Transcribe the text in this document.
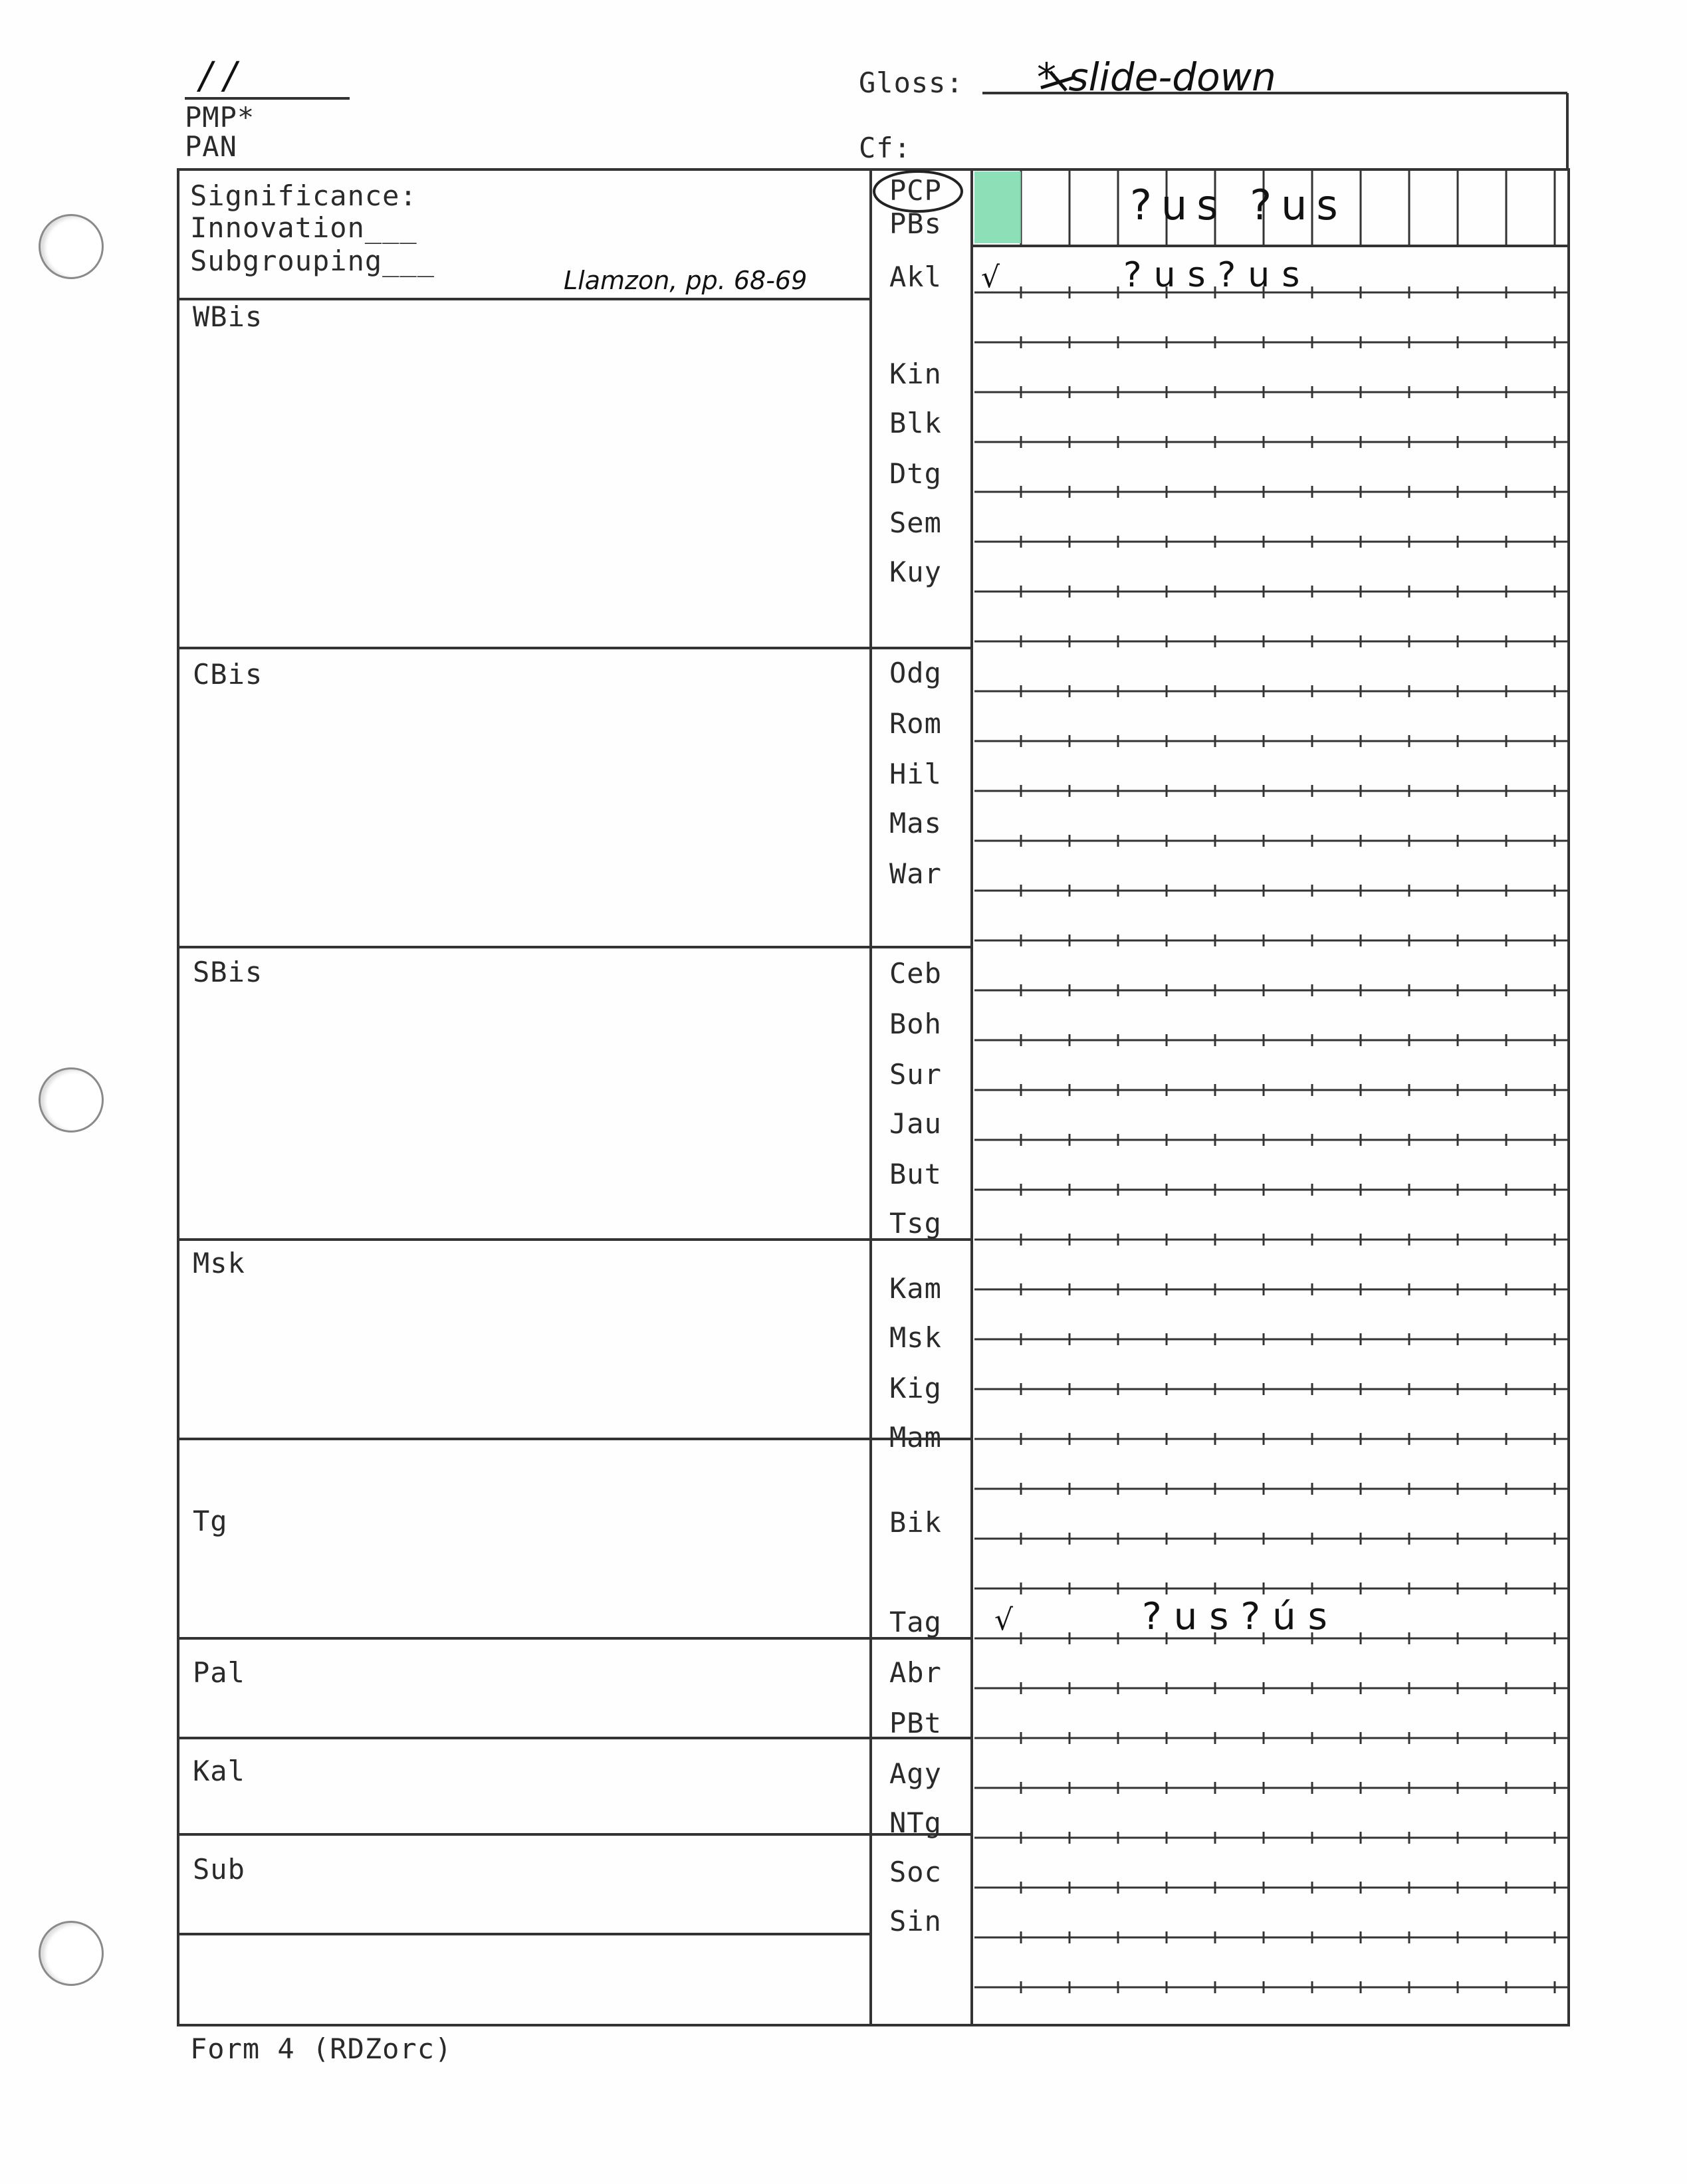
/ /
PMP*
PAN
Gloss: * slide-down
Cf:
Significance:
Innovation___
Subgrouping___
Llamzon, pp. 68-69
WBis
CBis
SBis
Msk
Tg
Pal
Kal
Sub
PCP
PBs
Akl
Kin
Blk
Dtg
Sem
Kuy
Odg
Rom
Hil
Mas
War
Ceb
Boh
Sur
Jau
But
Tsg
Kam
Msk
Kig
Mam
Bik
Tag
Abr
PBt
Agy
NTg
Soc
Sin
?us ?us
√	?us?us
√	?us?ús
Form 4 (RDZorc)
